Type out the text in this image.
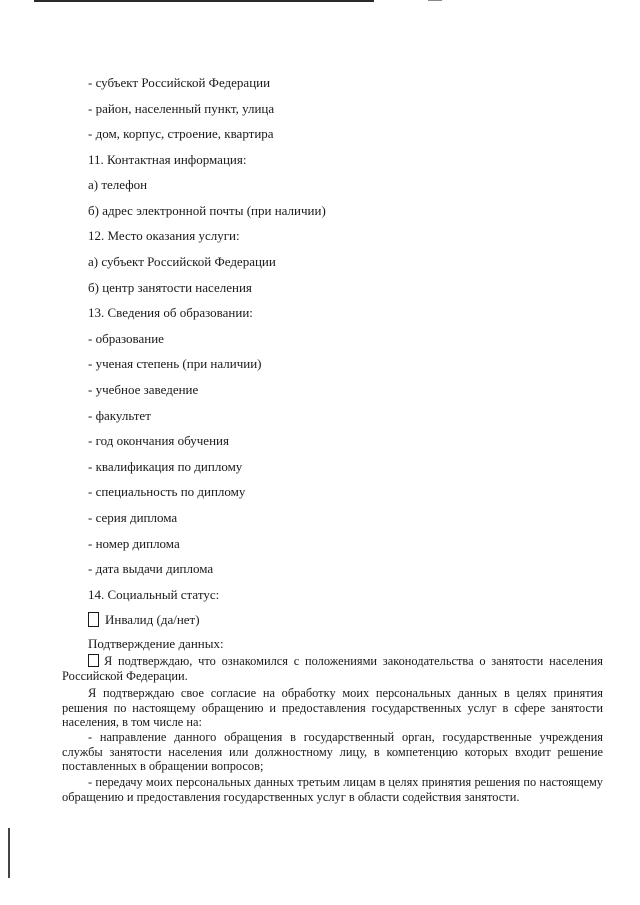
- субъект Российской Федерации
- район, населенный пункт, улица
- дом, корпус, строение, квартира
11. Контактная информация:
а) телефон
б) адрес электронной почты (при наличии)
12. Место оказания услуги:
а) субъект Российской Федерации
б) центр занятости населения
13. Сведения об образовании:
- образование
- ученая степень (при наличии)
- учебное заведение
- факультет
- год окончания обучения
- квалификация по диплому
- специальность по диплому
- серия диплома
- номер диплома
- дата выдачи диплома
14. Социальный статус:
Инвалид (да/нет)
Подтверждение данных:

Я подтверждаю, что ознакомился с положениями законодательства о занятости населения Российской Федерации.

Я подтверждаю свое согласие на обработку моих персональных данных в целях принятия решения по настоящему обращению и предоставления государственных услуг в сфере занятости населения, в том числе на:

- направление данного обращения в государственный орган, государственные учреждения службы занятости населения или должностному лицу, в компетенцию которых входит решение поставленных в обращении вопросов;

- передачу моих персональных данных третьим лицам в целях принятия решения по настоящему обращению и предоставления государственных услуг в области содействия занятости.
